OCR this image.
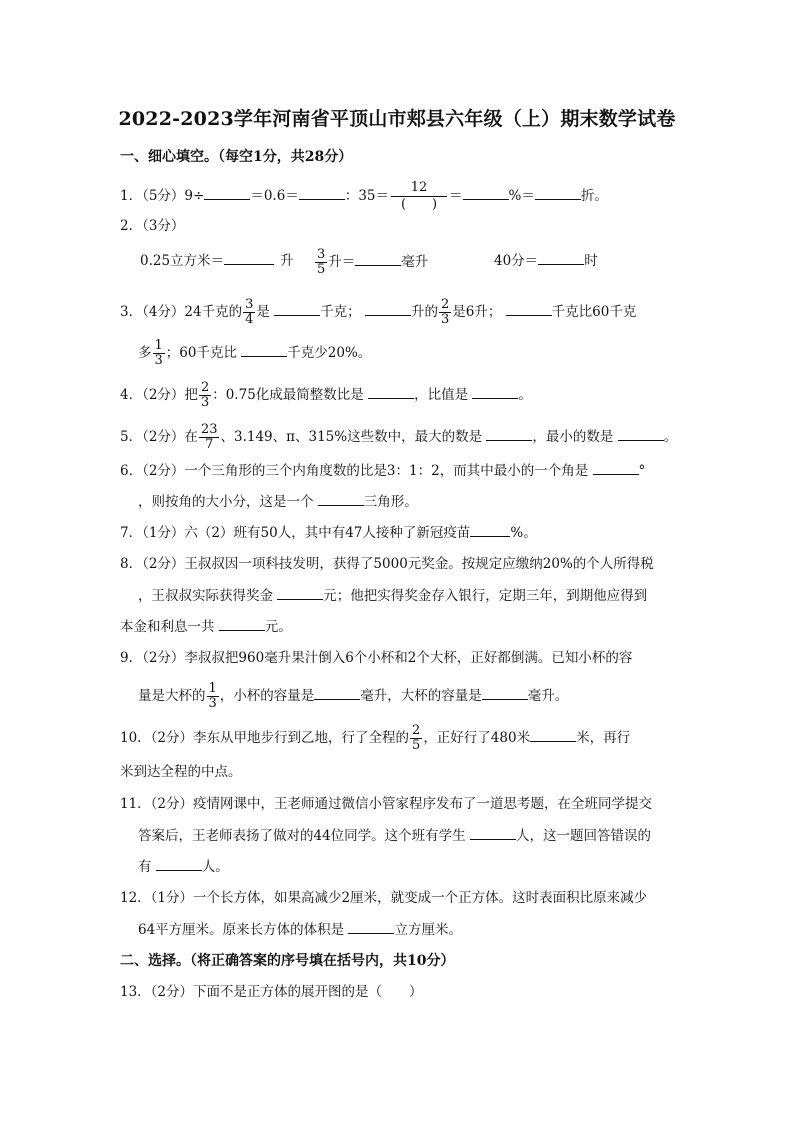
2022-2023学年河南省平顶山市郏县六年级（上）期末数学试卷
一、细心填空。（每空1分，共28分）
1．（5分）9÷	＝0.6＝	：35＝
12
(　　)
＝	%＝	折。
2．（3分）
0.25立方米＝	升 $\frac{3}{5}$ 升＝	毫升	40分＝	时
3．（4分）24千克的 $\frac{3}{4}$ 是	千克；	升的 $\frac{2}{3}$ 是6升；	千克比60千克
多 $\frac{1}{3}$ ；60千克比	千克少20%。
4．（2分）把 $\frac{2}{3}$ ：0.75化成最简整数比是	，比值是	。
5．（2分）在 $\frac{23}{7}$ 、3.149、π、315%这些数中，最大的数是	，最小的数是	。
6．（2分）一个三角形的三个内角度数的比是3：1：2，而其中最小的一个角是	°
，则按角的大小分，这是一个	三角形。
7．（1分）六（2）班有50人，其中有47人接种了新冠疫苗	%。
8．（2分）王叔叔因一项科技发明，获得了5000元奖金。按规定应缴纳20%的个人所得税
，王叔叔实际获得奖金	元；他把实得奖金存入银行，定期三年，到期他应得到
本金和利息一共	元。
9．（2分）李叔叔把960毫升果汁倒入6个小杯和2个大杯，正好都倒满。已知小杯的容
量是大杯的 $\frac{1}{3}$ ，小杯的容量是	毫升，大杯的容量是	毫升。
10．（2分）李东从甲地步行到乙地，行了全程的 $\frac{2}{5}$ ，正好行了480米	米，再行
米到达全程的中点。
11．（2分）疫情网课中，王老师通过微信小管家程序发布了一道思考题，在全班同学提交
答案后，王老师表扬了做对的44位同学。这个班有学生	人，这一题回答错误的
有	人。
12．（1分）一个长方体，如果高减少2厘米，就变成一个正方体。这时表面积比原来减少
64平方厘米。原来长方体的体积是	立方厘米。
二、选择。（将正确答案的序号填在括号内，共10分）
13．（2分）下面不是正方体的展开图的是（　　）
